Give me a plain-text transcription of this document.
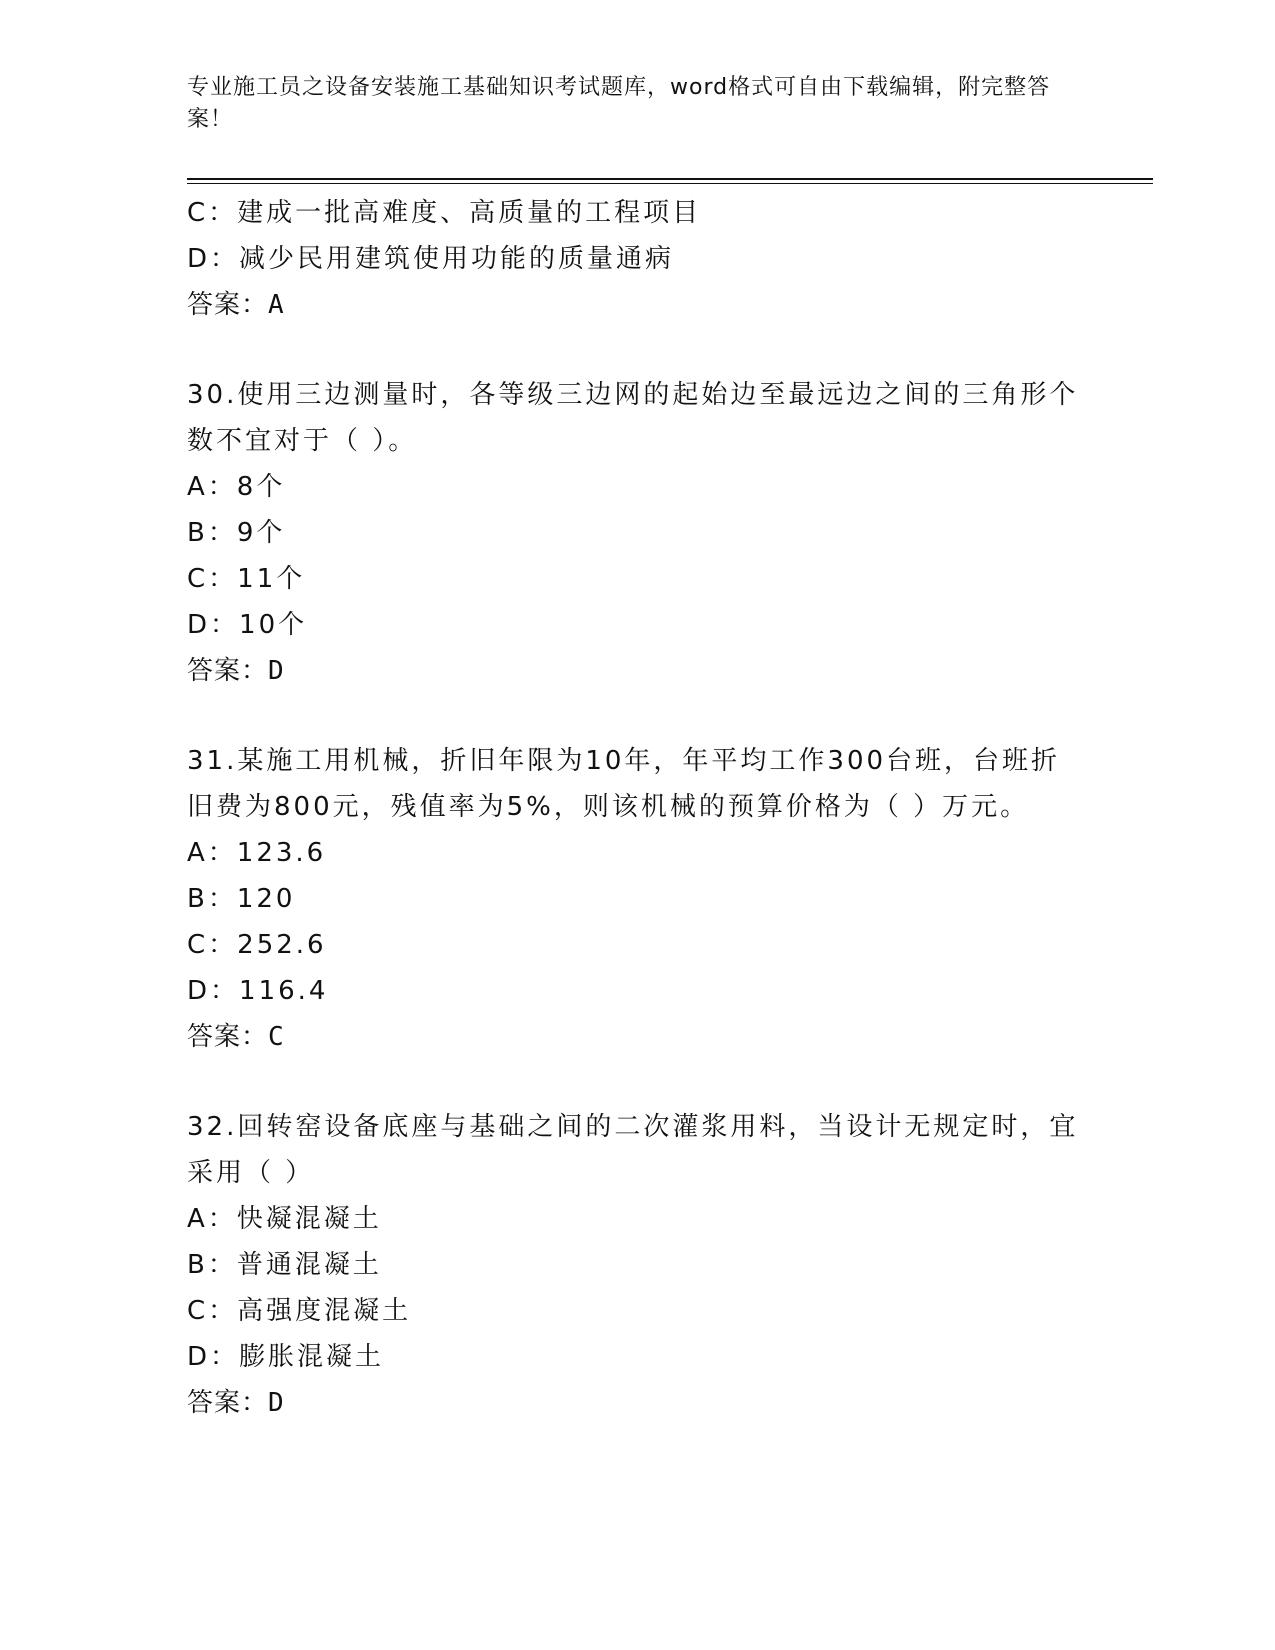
专业施工员之设备安装施工基础知识考试题库，word格式可自由下载编辑，附完整答案！
C：建成一批高难度、高质量的工程项目
D：减少民用建筑使用功能的质量通病
答案：A
30.使用三边测量时，各等级三边网的起始边至最远边之间的三角形个
数不宜对于（ ）。
A：8个
B：9个
C：11个
D：10个
答案：D
31.某施工用机械，折旧年限为10年，年平均工作300台班，台班折
旧费为800元，残值率为5%，则该机械的预算价格为（ ）万元。
A：123.6
B：120
C：252.6
D：116.4
答案：C
32.回转窑设备底座与基础之间的二次灌浆用料，当设计无规定时，宜
采用（ ）
A：快凝混凝土
B：普通混凝土
C：高强度混凝土
D：膨胀混凝土
答案：D
